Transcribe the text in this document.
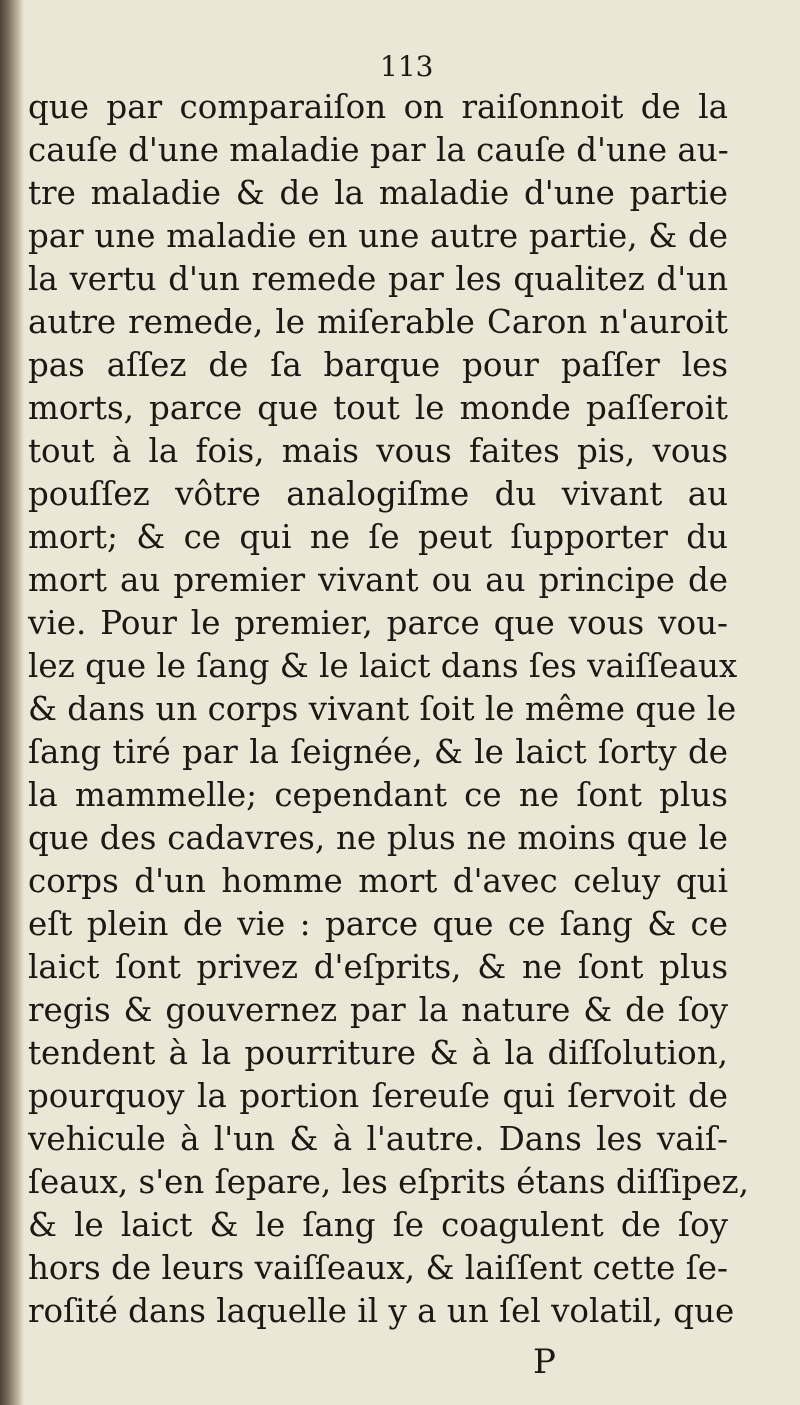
113
que par comparaiſon on raiſonnoit de la
cauſe d'une maladie par la cauſe d'une au-
tre maladie & de la maladie d'une partie
par une maladie en une autre partie, & de
la vertu d'un remede par les qualitez d'un
autre remede, le miſerable Caron n'auroit
pas aſſez de ſa barque pour paſſer les
morts, parce que tout le monde paſſeroit
tout à la fois, mais vous faites pis, vous
pouſſez vôtre analogiſme du vivant au
mort; & ce qui ne ſe peut ſupporter du
mort au premier vivant ou au principe de
vie. Pour le premier, parce que vous vou-
lez que le ſang & le laict dans ſes vaiſſeaux
& dans un corps vivant ſoit le même que le
ſang tiré par la ſeignée, & le laict ſorty de
la mammelle; cependant ce ne ſont plus
que des cadavres, ne plus ne moins que le
corps d'un homme mort d'avec celuy qui
eſt plein de vie : parce que ce ſang & ce
laict ſont privez d'eſprits, & ne ſont plus
regis & gouvernez par la nature & de ſoy
tendent à la pourriture & à la diſſolution,
pourquoy la portion ſereuſe qui ſervoit de
vehicule à l'un & à l'autre. Dans les vaiſ-
ſeaux, s'en ſepare, les eſprits étans diſſipez,
& le laict & le ſang ſe coagulent de ſoy
hors de leurs vaiſſeaux, & laiſſent cette ſe-
roſité dans laquelle il y a un ſel volatil, que
P
